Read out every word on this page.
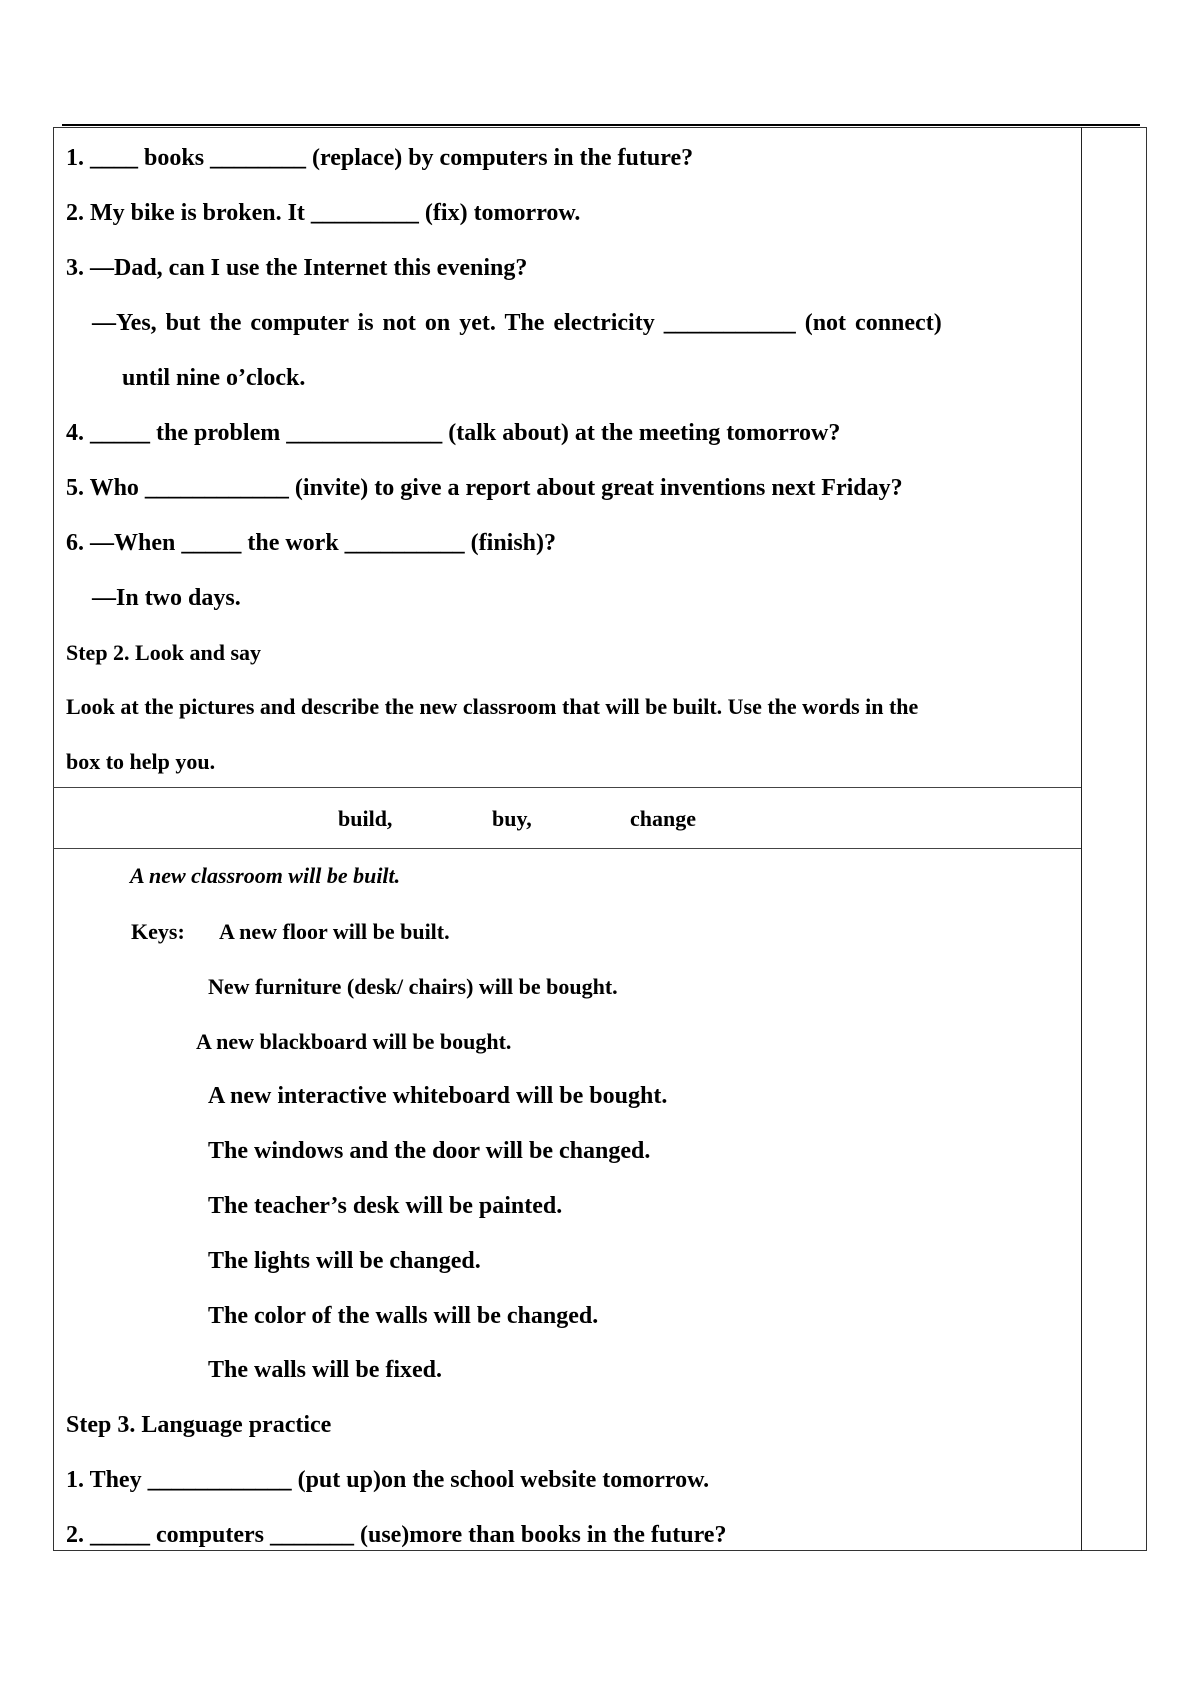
1. ____ books ________ (replace) by computers in the future?
2. My bike is broken. It _________ (fix) tomorrow.
3. —Dad, can I use the Internet this evening?
—Yes, but the computer is not on yet. The electricity ___________ (not connect)
until nine o’clock.
4. _____ the problem _____________ (talk about) at the meeting tomorrow?
5. Who ____________ (invite) to give a report about great inventions next Friday?
6. —When _____ the work __________ (finish)?
—In two days.
Step 2. Look and say
Look at the pictures and describe the new classroom that will be built. Use the words in the
box to help you.
build,	buy,	change
A new classroom will be built.
Keys: A new floor will be built.
New furniture (desk/ chairs) will be bought.
A new blackboard will be bought.
A new interactive whiteboard will be bought.
The windows and the door will be changed.
The teacher’s desk will be painted.
The lights will be changed.
The color of the walls will be changed.
The walls will be fixed.
Step 3. Language practice
1. They ____________ (put up)on the school website tomorrow.
2. _____ computers _______ (use)more than books in the future?
